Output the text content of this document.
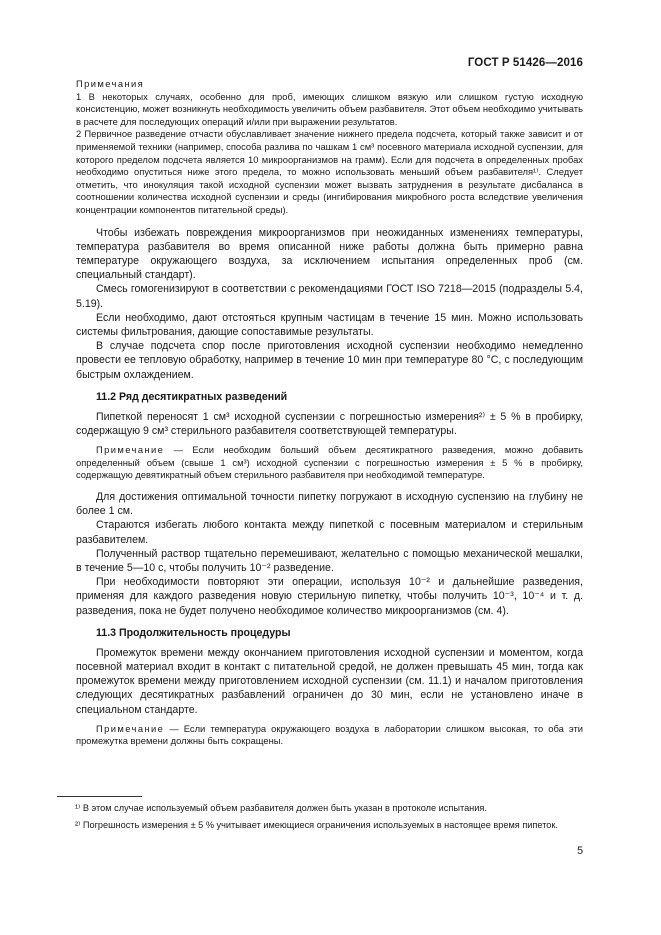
ГОСТ Р 51426—2016

Примечания

1 В некоторых случаях, особенно для проб, имеющих слишком вязкую или слишком густую исходную консистенцию, может возникнуть необходимость увеличить объем разбавителя. Этот объем необходимо учитывать в расчете для последующих операций и/или при выражении результатов.

2 Первичное разведение отчасти обуславливает значение нижнего предела подсчета, который также зависит и от применяемой техники (например, способа разлива по чашкам 1 см³ посевного материала исходной суспензии, для которого пределом подсчета является 10 микроорганизмов на грамм). Если для подсчета в определенных пробах необходимо опуститься ниже этого предела, то можно использовать меньший объем разбавителя¹⁾. Следует отметить, что инокуляция такой исходной суспензии может вызвать затруднения в результате дисбаланса в соотношении количества исходной суспензии и среды (ингибирования микробного роста вследствие увеличения концентрации компонентов питательной среды).

Чтобы избежать повреждения микроорганизмов при неожиданных изменениях температуры, температура разбавителя во время описанной ниже работы должна быть примерно равна температуре окружающего воздуха, за исключением испытания определенных проб (см. специальный стандарт).

Смесь гомогенизируют в соответствии с рекомендациями ГОСТ ISO 7218—2015 (подразделы 5.4, 5.19).

Если необходимо, дают отстояться крупным частицам в течение 15 мин. Можно использовать системы фильтрования, дающие сопоставимые результаты.

В случае подсчета спор после приготовления исходной суспензии необходимо немедленно провести ее тепловую обработку, например в течение 10 мин при температуре 80 °С, с последующим быстрым охлаждением.

11.2 Ряд десятикратных разведений

Пипеткой переносят 1 см³ исходной суспензии с погрешностью измерения²⁾ ± 5 % в пробирку, содержащую 9 см³ стерильного разбавителя соответствующей температуры.

Примечание — Если необходим больший объем десятикратного разведения, можно добавить определенный объем (свыше 1 см³) исходной суспензии с погрешностью измерения ± 5 % в пробирку, содержащую девятикратный объем стерильного разбавителя при необходимой температуре.

Для достижения оптимальной точности пипетку погружают в исходную суспензию на глубину не более 1 см.

Стараются избегать любого контакта между пипеткой с посевным материалом и стерильным разбавителем.

Полученный раствор тщательно перемешивают, желательно с помощью механической мешалки, в течение 5—10 с, чтобы получить 10⁻² разведение.

При необходимости повторяют эти операции, используя 10⁻² и дальнейшие разведения, применяя для каждого разведения новую стерильную пипетку, чтобы получить 10⁻³, 10⁻⁴ и т. д. разведения, пока не будет получено необходимое количество микроорганизмов (см. 4).

11.3 Продолжительность процедуры

Промежуток времени между окончанием приготовления исходной суспензии и моментом, когда посевной материал входит в контакт с питательной средой, не должен превышать 45 мин, тогда как промежуток времени между приготовлением исходной суспензии (см. 11.1) и началом приготовления следующих десятикратных разбавлений ограничен до 30 мин, если не установлено иначе в специальном стандарте.

Примечание — Если температура окружающего воздуха в лаборатории слишком высокая, то оба эти промежутка времени должны быть сокращены.

¹⁾ В этом случае используемый объем разбавителя должен быть указан в протоколе испытания.

²⁾ Погрешность измерения ± 5 % учитывает имеющиеся ограничения используемых в настоящее время пипеток.

5
